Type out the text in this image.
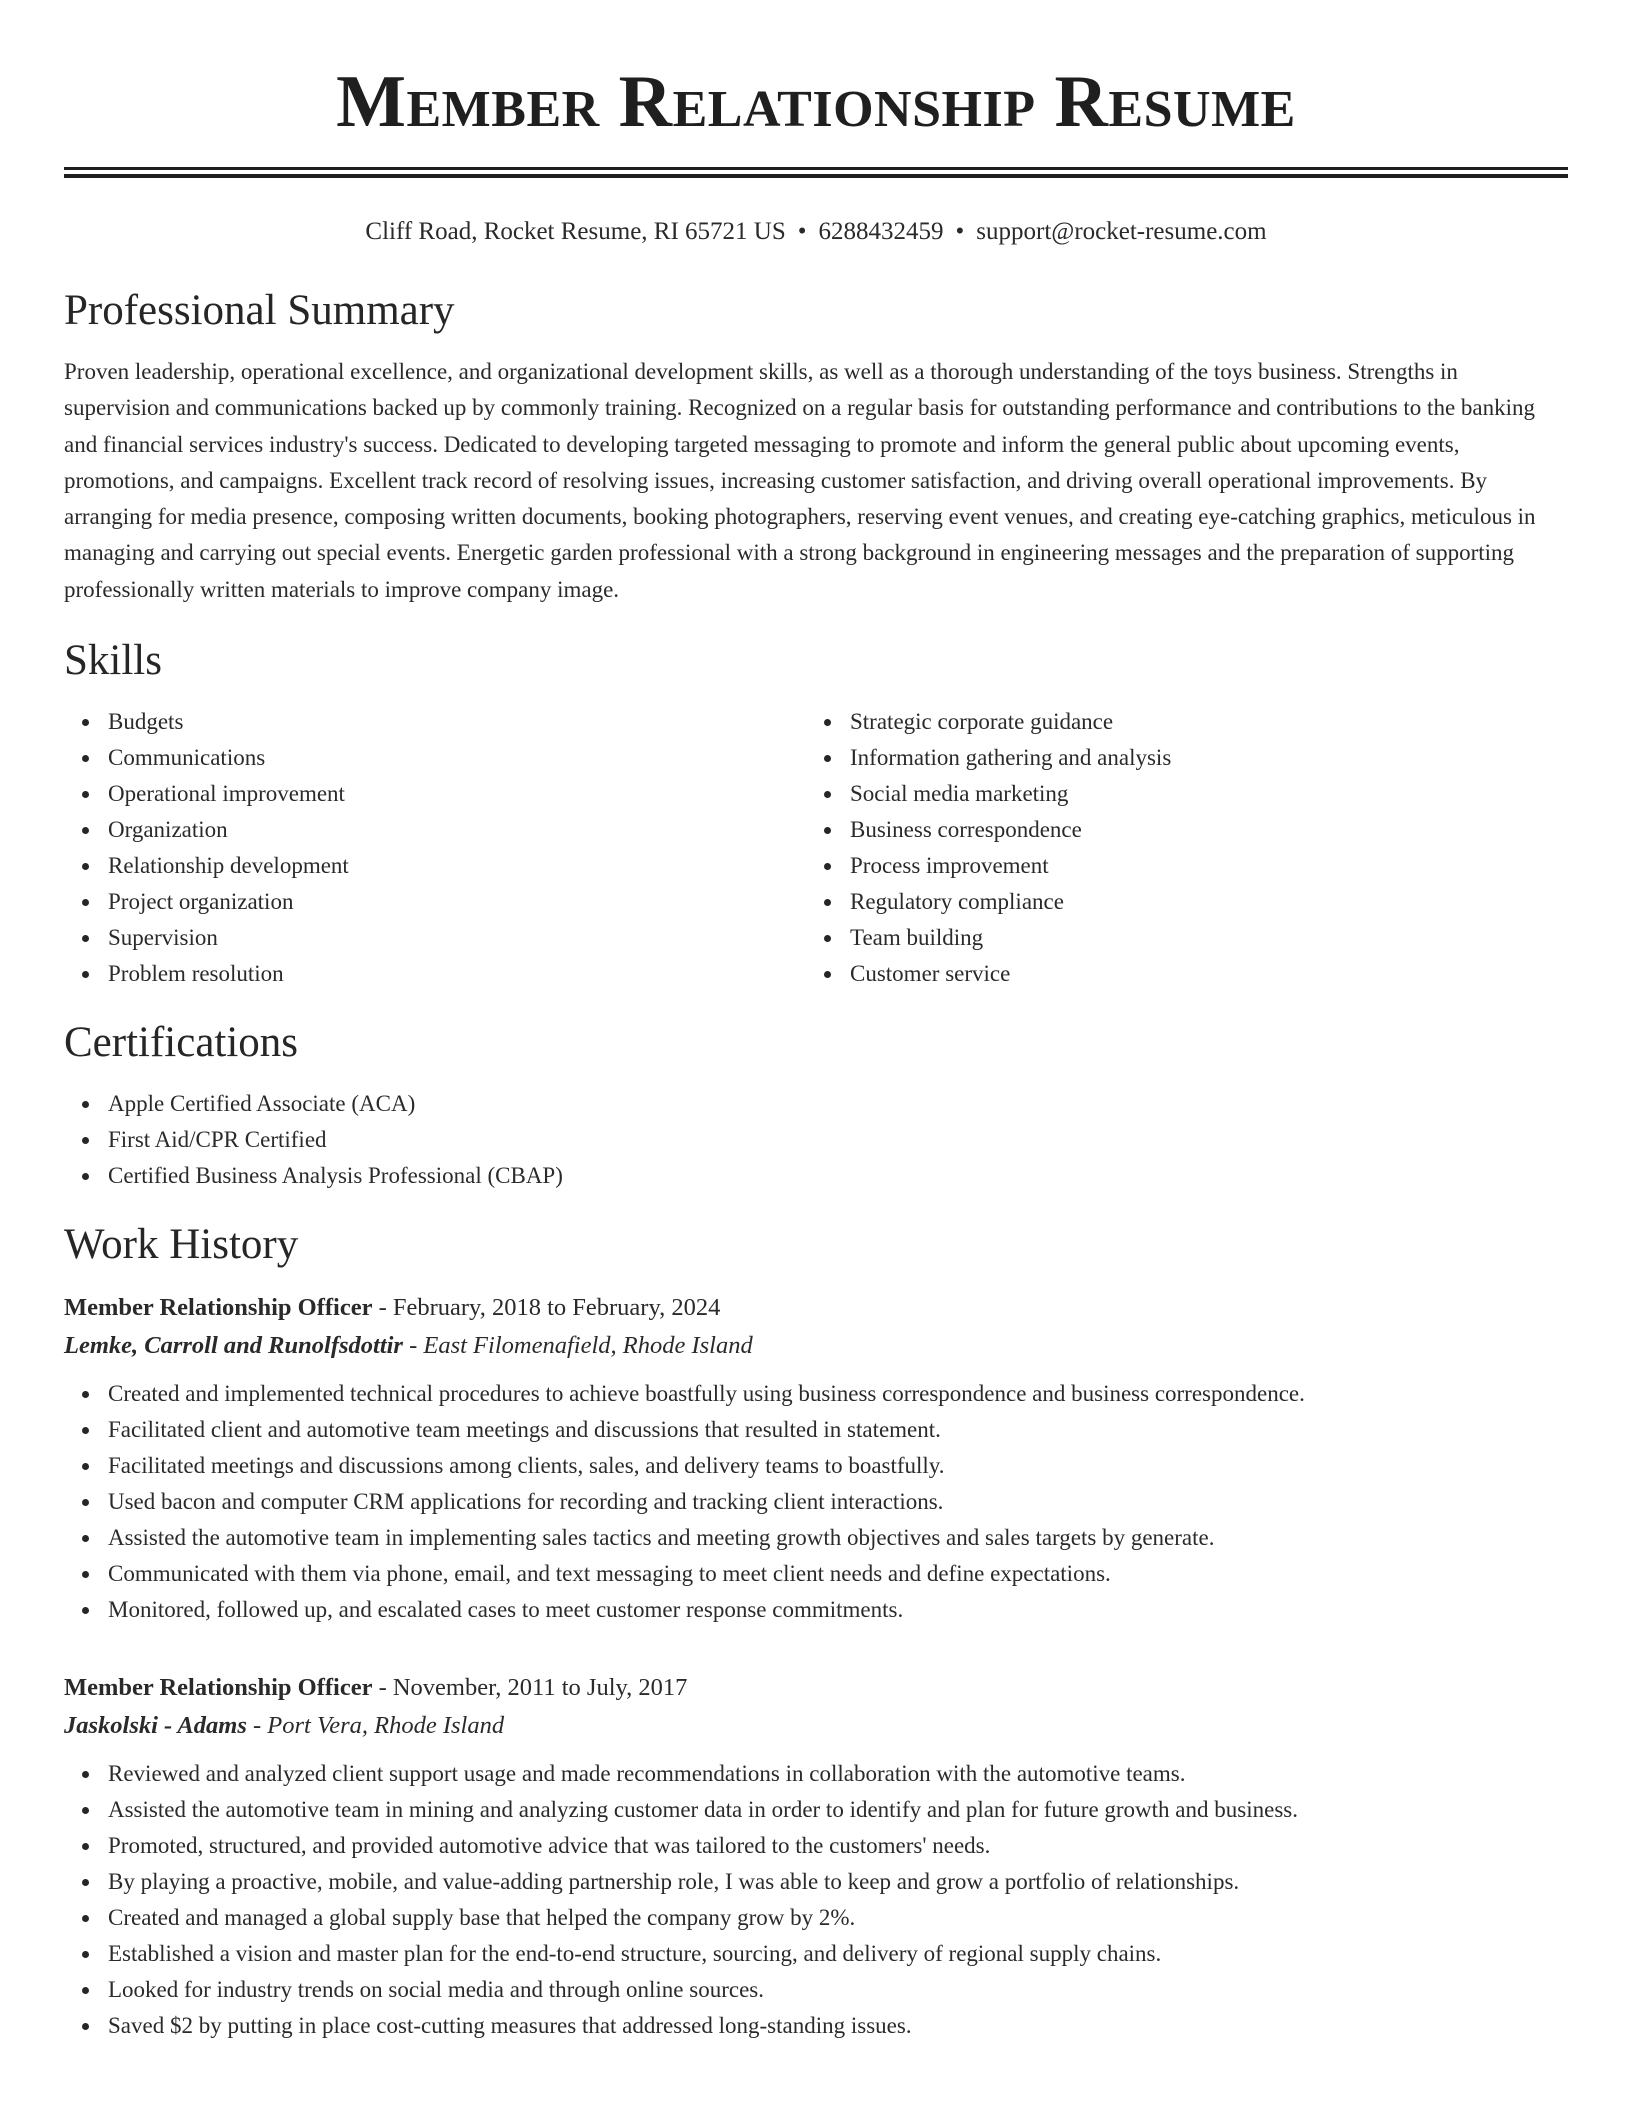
Member Relationship Resume
Cliff Road, Rocket Resume, RI 65721 US • 6288432459 • support@rocket-resume.com
Professional Summary

Proven leadership, operational excellence, and organizational development skills, as well as a thorough understanding of the toys business. Strengths in supervision and communications backed up by commonly training. Recognized on a regular basis for outstanding performance and contributions to the banking and financial services industry's success. Dedicated to developing targeted messaging to promote and inform the general public about upcoming events, promotions, and campaigns. Excellent track record of resolving issues, increasing customer satisfaction, and driving overall operational improvements. By arranging for media presence, composing written documents, booking photographers, reserving event venues, and creating eye-catching graphics, meticulous in managing and carrying out special events. Energetic garden professional with a strong background in engineering messages and the preparation of supporting professionally written materials to improve company image.

Skills
Budgets
Communications
Operational improvement
Organization
Relationship development
Project organization
Supervision
Problem resolution
Strategic corporate guidance
Information gathering and analysis
Social media marketing
Business correspondence
Process improvement
Regulatory compliance
Team building
Customer service
Certifications
Apple Certified Associate (ACA)
First Aid/CPR Certified
Certified Business Analysis Professional (CBAP)
Work History
Member Relationship Officer - February, 2018 to February, 2024
Lemke, Carroll and Runolfsdottir - East Filomenafield, Rhode Island
Created and implemented technical procedures to achieve boastfully using business correspondence and business correspondence.
Facilitated client and automotive team meetings and discussions that resulted in statement.
Facilitated meetings and discussions among clients, sales, and delivery teams to boastfully.
Used bacon and computer CRM applications for recording and tracking client interactions.
Assisted the automotive team in implementing sales tactics and meeting growth objectives and sales targets by generate.
Communicated with them via phone, email, and text messaging to meet client needs and define expectations.
Monitored, followed up, and escalated cases to meet customer response commitments.
Member Relationship Officer - November, 2011 to July, 2017
Jaskolski - Adams - Port Vera, Rhode Island
Reviewed and analyzed client support usage and made recommendations in collaboration with the automotive teams.
Assisted the automotive team in mining and analyzing customer data in order to identify and plan for future growth and business.
Promoted, structured, and provided automotive advice that was tailored to the customers' needs.
By playing a proactive, mobile, and value-adding partnership role, I was able to keep and grow a portfolio of relationships.
Created and managed a global supply base that helped the company grow by 2%.
Established a vision and master plan for the end-to-end structure, sourcing, and delivery of regional supply chains.
Looked for industry trends on social media and through online sources.
Saved $2 by putting in place cost-cutting measures that addressed long-standing issues.
